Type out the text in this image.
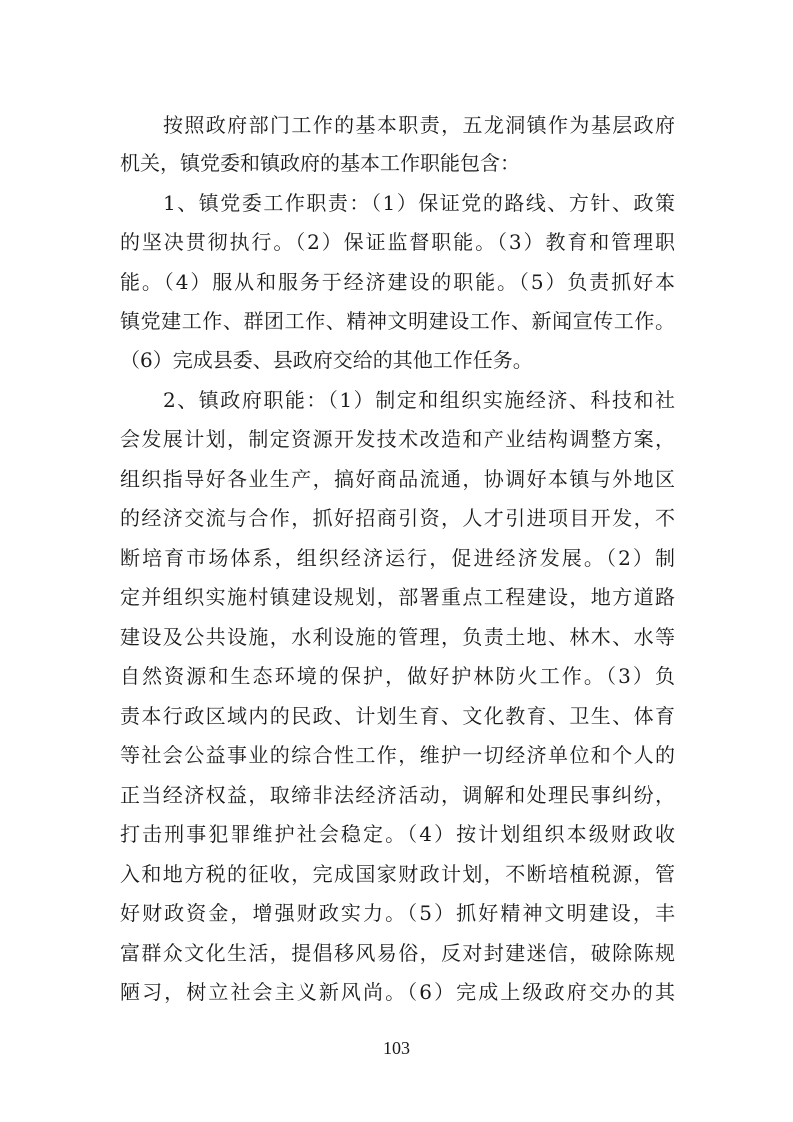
按照政府部门工作的基本职责，五龙洞镇作为基层政府
机关，镇党委和镇政府的基本工作职能包含：
1、镇党委工作职责：（1）保证党的路线、方针、政策
的坚决贯彻执行。（2）保证监督职能。（3）教育和管理职
能。（4）服从和服务于经济建设的职能。（5）负责抓好本
镇党建工作、群团工作、精神文明建设工作、新闻宣传工作。
（6）完成县委、县政府交给的其他工作任务。
2、镇政府职能：（1）制定和组织实施经济、科技和社
会发展计划，制定资源开发技术改造和产业结构调整方案，
组织指导好各业生产，搞好商品流通，协调好本镇与外地区
的经济交流与合作，抓好招商引资，人才引进项目开发，不
断培育市场体系，组织经济运行，促进经济发展。（2）制
定并组织实施村镇建设规划，部署重点工程建设，地方道路
建设及公共设施，水利设施的管理，负责土地、林木、水等
自然资源和生态环境的保护，做好护林防火工作。（3）负
责本行政区域内的民政、计划生育、文化教育、卫生、体育
等社会公益事业的综合性工作，维护一切经济单位和个人的
正当经济权益，取缔非法经济活动，调解和处理民事纠纷，
打击刑事犯罪维护社会稳定。（4）按计划组织本级财政收
入和地方税的征收，完成国家财政计划，不断培植税源，管
好财政资金，增强财政实力。（5）抓好精神文明建设，丰
富群众文化生活，提倡移风易俗，反对封建迷信，破除陈规
陋习，树立社会主义新风尚。（6）完成上级政府交办的其
103
